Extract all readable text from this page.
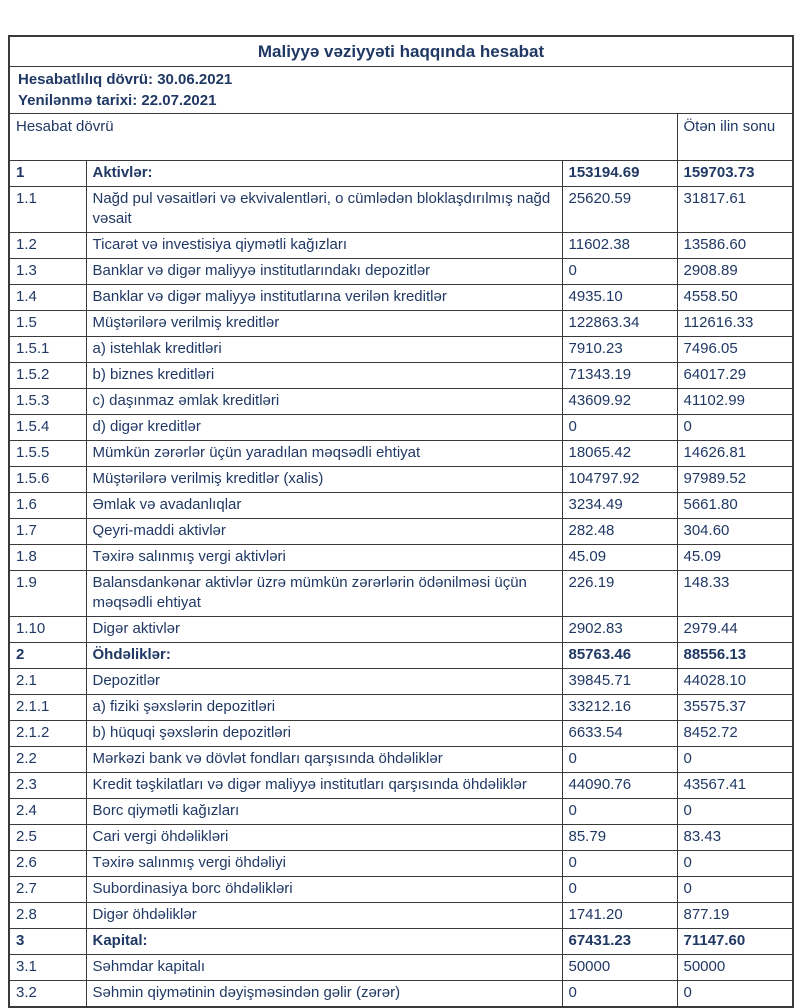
Maliyyə vəziyyəti haqqında hesabat			

Hesabatlılıq dövrü: 30.06.2021
Yenilənmə tarixi: 22.07.2021			

Hesabat dövrü			Ötən ilin sonu
1	Aktivlər:	153194.69	159703.73
1.1	Nağd pul vəsaitləri və ekvivalentləri, o cümlədən bloklaşdırılmış nağd vəsait	25620.59	31817.61
1.2	Ticarət və investisiya qiymətli kağızları	11602.38	13586.60
1.3	Banklar və digər maliyyə institutlarındakı depozitlər	0	2908.89
1.4	Banklar və digər maliyyə institutlarına verilən kreditlər	4935.10	4558.50
1.5	Müştərilərə verilmiş kreditlər	122863.34	112616.33
1.5.1	a) istehlak kreditləri	7910.23	7496.05
1.5.2	b) biznes kreditləri	71343.19	64017.29
1.5.3	c) daşınmaz əmlak kreditləri	43609.92	41102.99
1.5.4	d) digər kreditlər	0	0
1.5.5	Mümkün zərərlər üçün yaradılan məqsədli ehtiyat	18065.42	14626.81
1.5.6	Müştərilərə verilmiş kreditlər (xalis)	104797.92	97989.52
1.6	Əmlak və avadanlıqlar	3234.49	5661.80
1.7	Qeyri-maddi aktivlər	282.48	304.60
1.8	Təxirə salınmış vergi aktivləri	45.09	45.09
1.9	Balansdankənar aktivlər üzrə mümkün zərərlərin ödənilməsi üçün məqsədli ehtiyat	226.19	148.33
1.10	Digər aktivlər	2902.83	2979.44
2	Öhdəliklər:	85763.46	88556.13
2.1	Depozitlər	39845.71	44028.10
2.1.1	a) fiziki şəxslərin depozitləri	33212.16	35575.37
2.1.2	b) hüquqi şəxslərin depozitləri	6633.54	8452.72
2.2	Mərkəzi bank və dövlət fondları qarşısında öhdəliklər	0	0
2.3	Kredit təşkilatları və digər maliyyə institutları qarşısında öhdəliklər	44090.76	43567.41
2.4	Borc qiymətli kağızları	0	0
2.5	Cari vergi öhdəlikləri	85.79	83.43
2.6	Təxirə salınmış vergi öhdəliyi	0	0
2.7	Subordinasiya borc öhdəlikləri	0	0
2.8	Digər öhdəliklər	1741.20	877.19
3	Kapital:	67431.23	71147.60
3.1	Səhmdar kapitalı	50000	50000
3.2	Səhmin qiymətinin dəyişməsindən gəlir (zərər)	0	0
